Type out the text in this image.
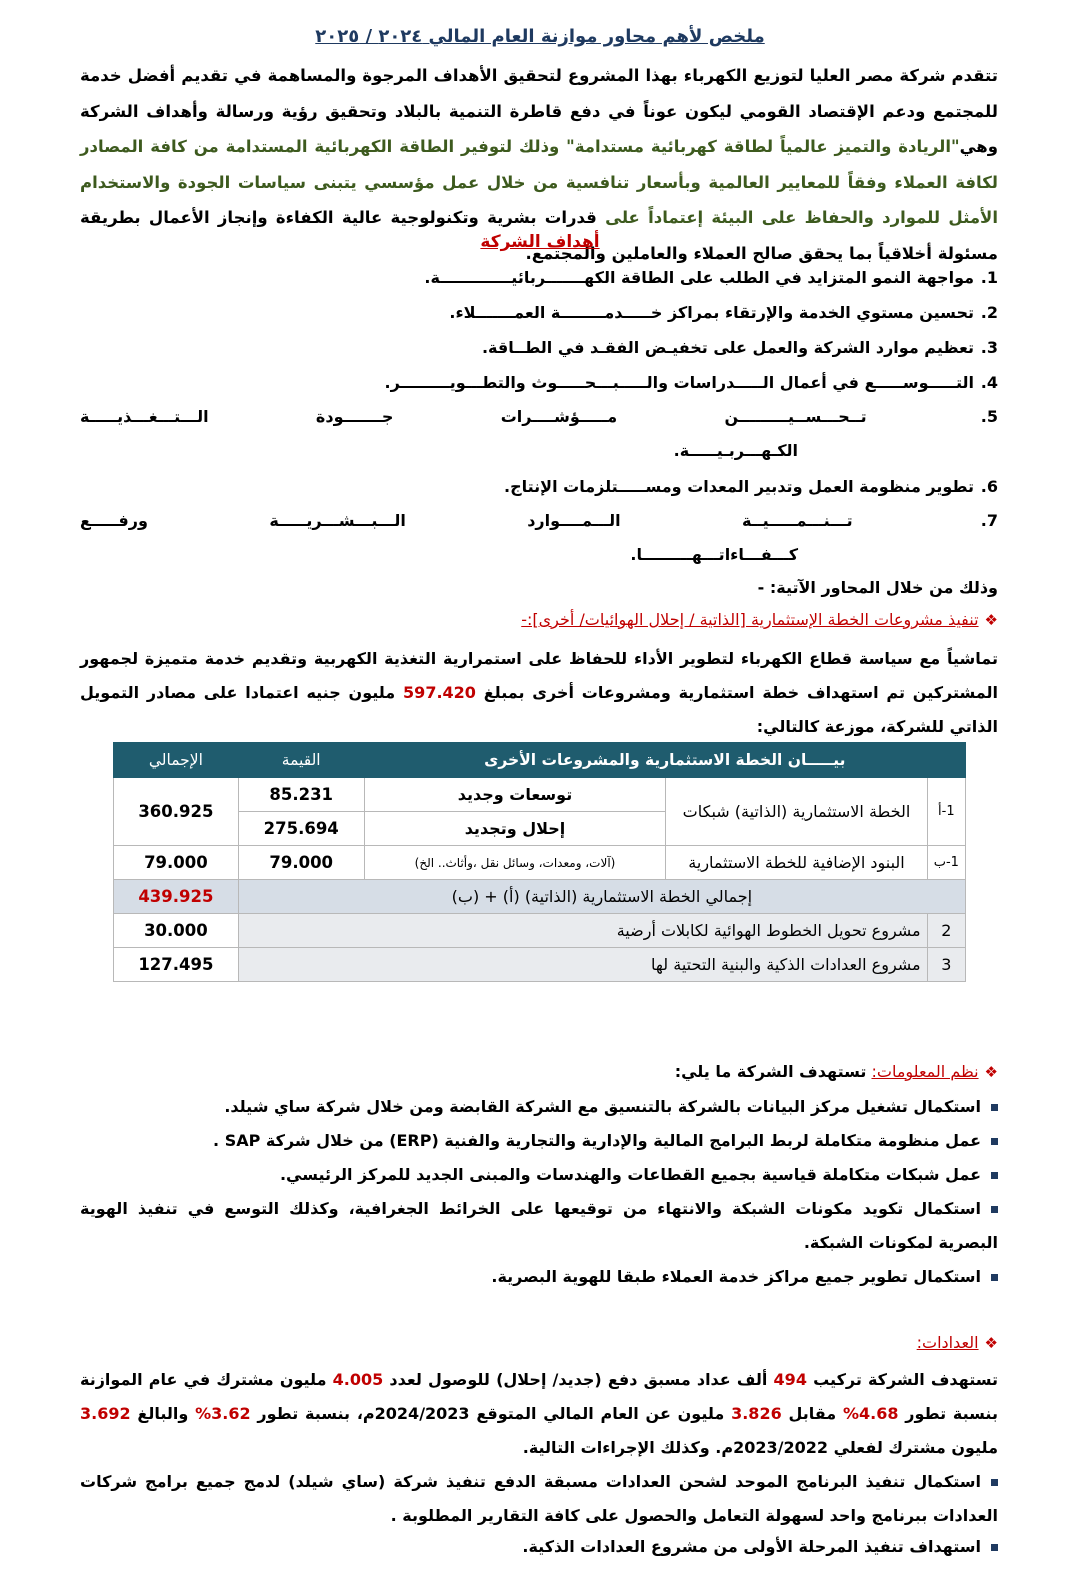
ملخص لأهم محاور موازنة العام المالي ٢٠٢٤ / ٢٠٢٥
تتقدم شركة مصر العليا لتوزيع الكهرباء بهذا المشروع لتحقيق الأهداف المرجوة والمساهمة في تقديم أفضل خدمة للمجتمع ودعم الإقتصاد القومي ليكون عوناً في دفع قاطرة التنمية بالبلاد وتحقيق رؤية ورسالة وأهداف الشركة وهي"الريادة والتميز عالمياً لطاقة كهربائية مستدامة" وذلك لتوفير الطاقة الكهربائية المستدامة من كافة المصادر لكافة العملاء وفقاً للمعايير العالمية وبأسعار تنافسية من خلال عمل مؤسسي يتبنى سياسات الجودة والاستخدام الأمثل للموارد والحفاظ على البيئة إعتماداً على قدرات بشرية وتكنولوجية عالية الكفاءة وإنجاز الأعمال بطريقة مسئولة أخلاقياً بما يحقق صالح العملاء والعاملين والمجتمع.
أهداف الشركة
1.مواجهة النمو المتزايد في الطلب على الطاقة الكهـــــــربائيـــــــــــــة.
2.تحسين مستوي الخدمة والإرتقاء بمراكز خـــــدمــــــــة العمـــــــلاء.
3.تعظيم موارد الشركة والعمل على تخفيـض الفقـد في الطــاقة.
4.التـــــوســـــع في أعمال الـــــدراسات والـــــبـــحـــــوث والتطـــويـــــــــر.
5.
تــحـــســيـــــــــن
مـــــؤشــــرات
جـــــــودة
الـــتـــغـــذيـــــة
الكـهـــربـيـــــة.
6.تطوير منظومة العمل وتدبير المعدات ومســـــتلزمات الإنتاج.
7.
تـــنـــمـــــيــة
الـــمــــوارد
الـــبـــشـــريـــــة
ورفـــــع
كـــفـــاءاتـــهـــــــــا.
وذلك من خلال المحاور الآتية: -
❖تنفيذ مشروعات الخطة الإستثمارية [الذاتية / إحلال الهوائيات/ أخرى]:-
تماشياً مع سياسة قطاع الكهرباء لتطوير الأداء للحفاظ على استمرارية التغذية الكهربية وتقديم خدمة متميزة لجمهور المشتركين تم استهداف خطة استثمارية ومشروعات أخرى بمبلغ 597.420 مليون جنيه اعتمادا على مصادر التمويل الذاتي للشركة، موزعة كالتالي:
بيـــــان الخطة الاستثمارية والمشروعات الأخرى			القيمة	الإجمالي
1-أ	الخطة الاستثمارية (الذاتية) شبكات	توسعات وجديد	85.231	360.925
		إحلال وتجديد	275.694	
1-ب	البنود الإضافية للخطة الاستثمارية	(آلات، ومعدات، وسائل نقل ،وأثاث.. الخ)	79.000	79.000
إجمالي الخطة الاستثمارية (الذاتية) (أ) + (ب)				439.925
2	مشروع تحويل الخطوط الهوائية لكابلات أرضية			30.000
3	مشروع العدادات الذكية والبنية التحتية لها			127.495
❖نظم المعلومات: تستهدف الشركة ما يلي:
استكمال تشغيل مركز البيانات بالشركة بالتنسيق مع الشركة القابضة ومن خلال شركة ساي شيلد.
عمل منظومة متكاملة لربط البرامج المالية والإدارية والتجارية والفنية (ERP) من خلال شركة SAP .
عمل شبكات متكاملة قياسية بجميع القطاعات والهندسات والمبنى الجديد للمركز الرئيسي.
استكمال تكويد مكونات الشبكة والانتهاء من توقيعها على الخرائط الجغرافية، وكذلك التوسع في تنفيذ الهوية البصرية لمكونات الشبكة.
استكمال تطوير جميع مراكز خدمة العملاء طبقا للهوية البصرية.
❖العدادات:
تستهدف الشركة تركيب 494 ألف عداد مسبق دفع (جديد/ إحلال) للوصول لعدد 4.005 مليون مشترك في عام الموازنة بنسبة تطور 4.68% مقابل 3.826 مليون عن العام المالي المتوقع 2024/2023م، بنسبة تطور 3.62% والبالغ 3.692 مليون مشترك لفعلي 2023/2022م. وكذلك الإجراءات التالية.
استكمال تنفيذ البرنامج الموحد لشحن العدادات مسبقة الدفع تنفيذ شركة (ساي شيلد) لدمج جميع برامج شركات العدادات ببرنامج واحد لسهولة التعامل والحصول على كافة التقارير المطلوبة .
استهداف تنفيذ المرحلة الأولى من مشروع العدادات الذكية.
